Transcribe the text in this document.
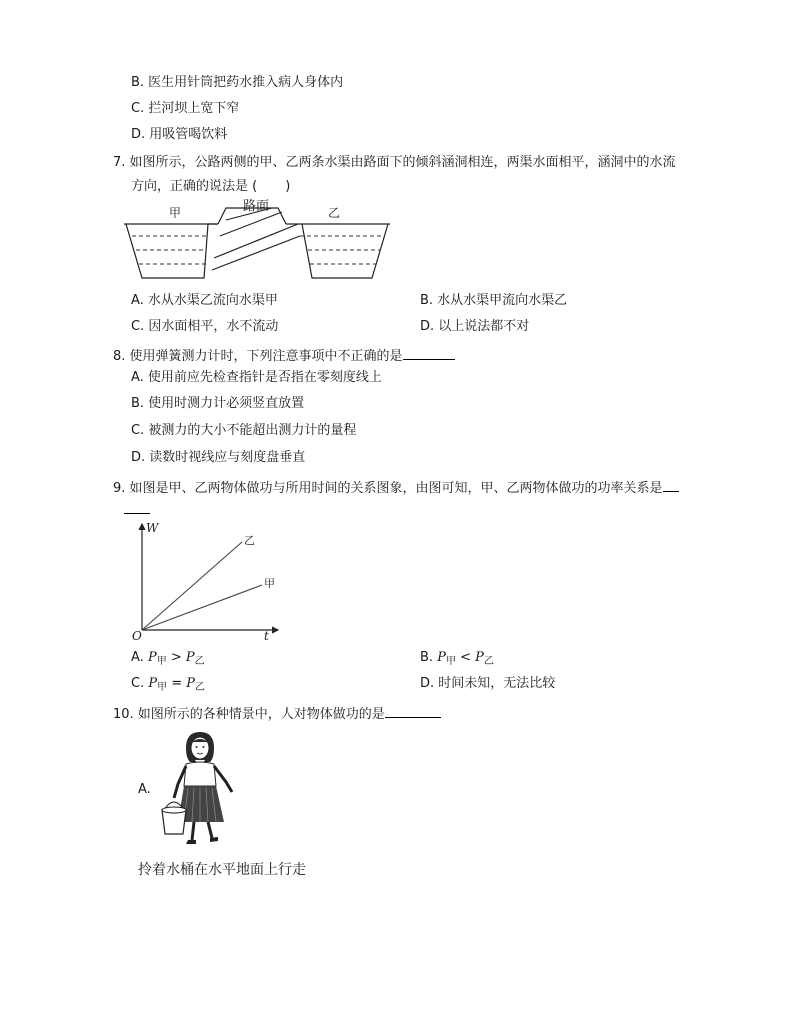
B. 医生用针筒把药水推入病人身体内
C. 拦河坝上宽下窄
D. 用吸管喝饮料
7. 如图所示，公路两侧的甲、乙两条水渠由路面下的倾斜涵洞相连，两渠水面相平，涵洞中的水流
方向，正确的说法是 ( )
甲	路面	乙
A. 水从水渠乙流向水渠甲	B. 水从水渠甲流向水渠乙
C. 因水面相平，水不流动	D. 以上说法都不对
8. 使用弹簧测力计时，下列注意事项中不正确的是
A. 使用前应先检查指针是否指在零刻度线上
B. 使用时测力计必须竖直放置
C. 被测力的大小不能超出测力计的量程
D. 读数时视线应与刻度盘垂直
9. 如图是甲、乙两物体做功与所用时间的关系图象，由图可知，甲、乙两物体做功的功率关系是
W
t
O
乙
甲
A. $P_甲 > P_乙$	B. $P_甲 < P_乙$
C. $P_甲 = P_乙$	D. 时间未知，无法比较
10. 如图所示的各种情景中，人对物体做功的是
A.
拎着水桶在水平地面上行走
